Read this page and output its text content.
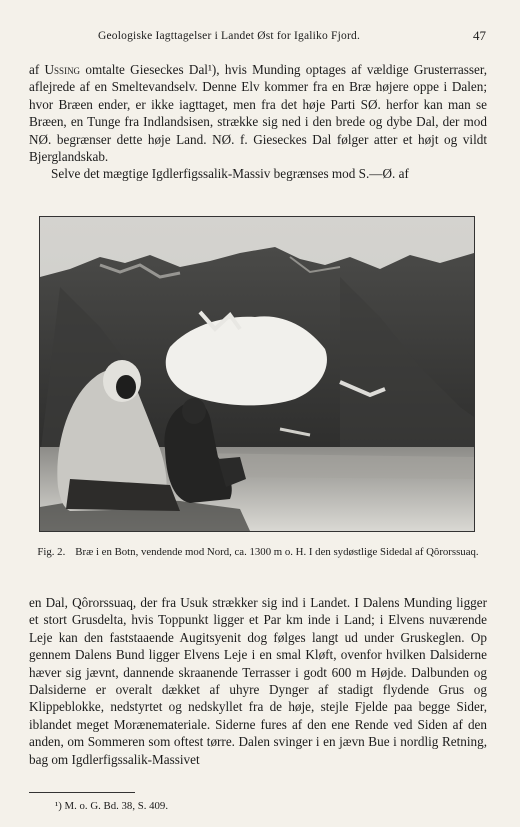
Geologiske Iagttagelser i Landet Øst for Igaliko Fjord.	47

af Ussing omtalte Gieseckes Dal¹), hvis Munding optages af vældige Grusterrasser, aflejrede af en Smeltevandselv. Denne Elv kommer fra en Bræ højere oppe i Dalen; hvor Bræen ender, er ikke iagttaget, men fra det høje Parti SØ. herfor kan man se Bræen, en Tunge fra Indlandsisen, strække sig ned i den brede og dybe Dal, der mod NØ. begrænser dette høje Land. NØ. f. Gieseckes Dal følger atter et højt og vildt Bjerglandskab.

Selve det mægtige Igdlerfigssalik-Massiv begrænses mod S.—Ø. af

Fig. 2. Bræ i en Botn, vendende mod Nord, ca. 1300 m o. H. I den sydøstlige Sidedal af Qôrorssuaq.

en Dal, Qôrorssuaq, der fra Usuk strækker sig ind i Landet. I Dalens Munding ligger et stort Grusdelta, hvis Toppunkt ligger et Par km inde i Land; i Elvens nuværende Leje kan den faststaaende Augitsyenit dog følges langt ud under Gruskeglen. Op gennem Dalens Bund ligger Elvens Leje i en smal Kløft, ovenfor hvilken Dalsiderne hæver sig jævnt, dannende skraanende Terrasser i godt 600 m Højde. Dalbunden og Dalsiderne er overalt dækket af uhyre Dynger af stadigt flydende Grus og Klippeblokke, nedstyrtet og nedskyllet fra de høje, stejle Fjelde paa begge Sider, iblandet meget Morænemateriale. Siderne fures af den ene Rende ved Siden af den anden, om Sommeren som oftest tørre. Dalen svinger i en jævn Bue i nordlig Retning, bag om Igdlerfigssalik-Massivet

¹) M. o. G. Bd. 38, S. 409.
